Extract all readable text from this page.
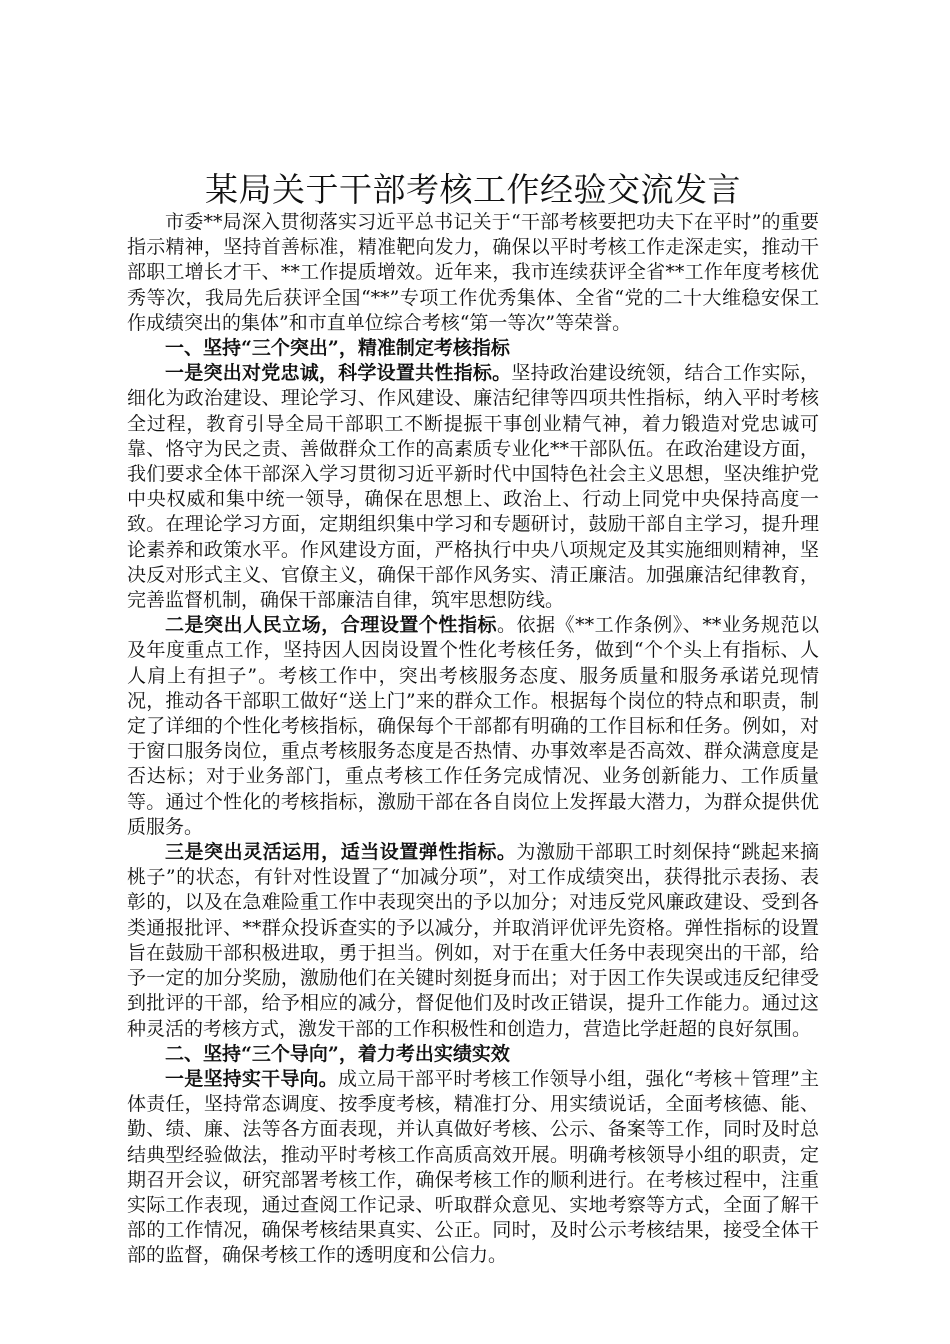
某局关于干部考核工作经验交流发言

市委**局深入贯彻落实习近平总书记关于“干部考核要把功夫下在平时”的重要指示精神，坚持首善标准，精准靶向发力，确保以平时考核工作走深走实，推动干部职工增长才干、**工作提质增效。近年来，我市连续获评全省**工作年度考核优秀等次，我局先后获评全国“**”专项工作优秀集体、全省“党的二十大维稳安保工作成绩突出的集体”和市直单位综合考核“第一等次”等荣誉。

一、坚持“三个突出”，精准制定考核指标

一是突出对党忠诚，科学设置共性指标。坚持政治建设统领，结合工作实际，细化为政治建设、理论学习、作风建设、廉洁纪律等四项共性指标，纳入平时考核全过程，教育引导全局干部职工不断提振干事创业精气神，着力锻造对党忠诚可靠、恪守为民之责、善做群众工作的高素质专业化**干部队伍。在政治建设方面，我们要求全体干部深入学习贯彻习近平新时代中国特色社会主义思想，坚决维护党中央权威和集中统一领导，确保在思想上、政治上、行动上同党中央保持高度一致。在理论学习方面，定期组织集中学习和专题研讨，鼓励干部自主学习，提升理论素养和政策水平。作风建设方面，严格执行中央八项规定及其实施细则精神，坚决反对形式主义、官僚主义，确保干部作风务实、清正廉洁。加强廉洁纪律教育，完善监督机制，确保干部廉洁自律，筑牢思想防线。

二是突出人民立场，合理设置个性指标。依据《**工作条例》、**业务规范以及年度重点工作，坚持因人因岗设置个性化考核任务，做到“个个头上有指标、人人肩上有担子”。考核工作中，突出考核服务态度、服务质量和服务承诺兑现情况，推动各干部职工做好“送上门”来的群众工作。根据每个岗位的特点和职责，制定了详细的个性化考核指标，确保每个干部都有明确的工作目标和任务。例如，对于窗口服务岗位，重点考核服务态度是否热情、办事效率是否高效、群众满意度是否达标；对于业务部门，重点考核工作任务完成情况、业务创新能力、工作质量等。通过个性化的考核指标，激励干部在各自岗位上发挥最大潜力，为群众提供优质服务。

三是突出灵活运用，适当设置弹性指标。为激励干部职工时刻保持“跳起来摘桃子”的状态，有针对性设置了“加减分项”，对工作成绩突出，获得批示表扬、表彰的，以及在急难险重工作中表现突出的予以加分；对违反党风廉政建设、受到各类通报批评、**群众投诉查实的予以减分，并取消评优评先资格。弹性指标的设置旨在鼓励干部积极进取，勇于担当。例如，对于在重大任务中表现突出的干部，给予一定的加分奖励，激励他们在关键时刻挺身而出；对于因工作失误或违反纪律受到批评的干部，给予相应的减分，督促他们及时改正错误，提升工作能力。通过这种灵活的考核方式，激发干部的工作积极性和创造力，营造比学赶超的良好氛围。

二、坚持“三个导向”，着力考出实绩实效

一是坚持实干导向。成立局干部平时考核工作领导小组，强化“考核＋管理”主体责任，坚持常态调度、按季度考核，精准打分、用实绩说话，全面考核德、能、勤、绩、廉、法等各方面表现，并认真做好考核、公示、备案等工作，同时及时总结典型经验做法，推动平时考核工作高质高效开展。明确考核领导小组的职责，定期召开会议，研究部署考核工作，确保考核工作的顺利进行。在考核过程中，注重实际工作表现，通过查阅工作记录、听取群众意见、实地考察等方式，全面了解干部的工作情况，确保考核结果真实、公正。同时，及时公示考核结果，接受全体干部的监督，确保考核工作的透明度和公信力。
